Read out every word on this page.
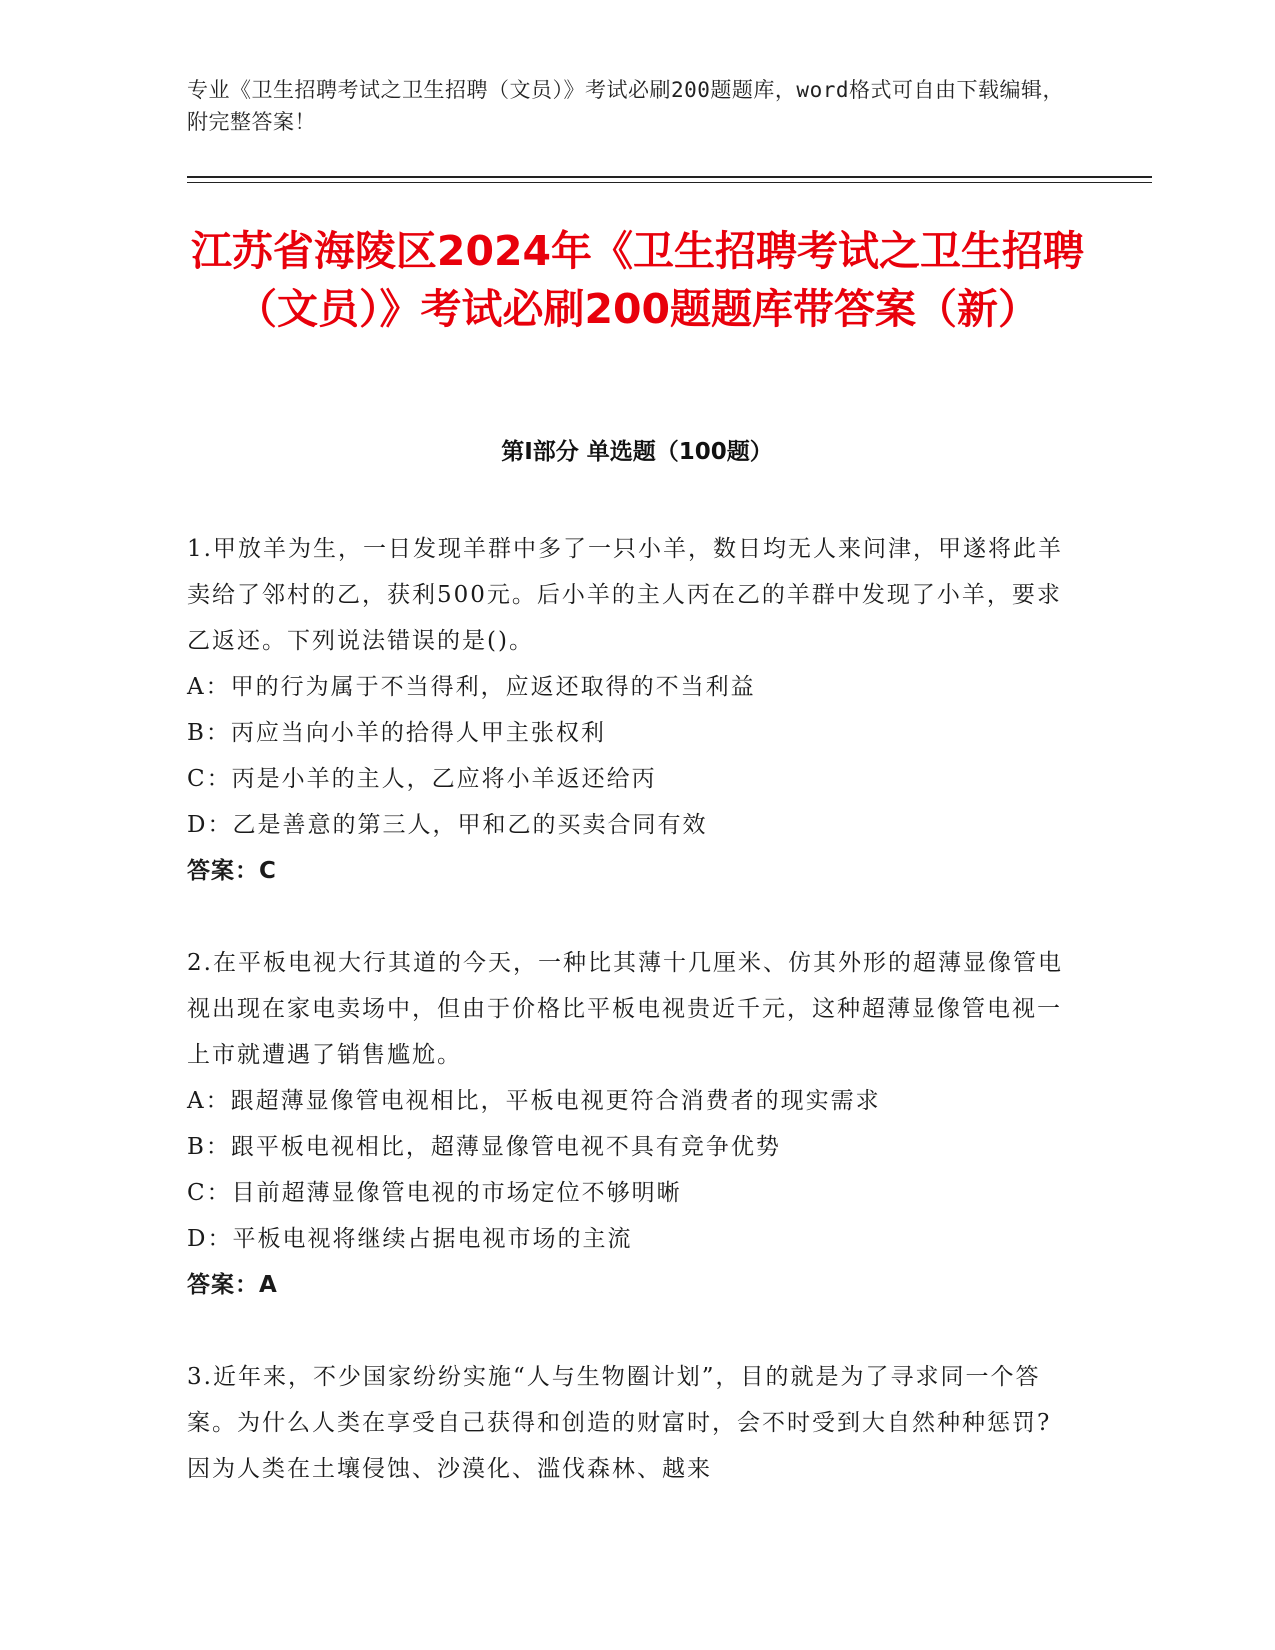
专业《卫生招聘考试之卫生招聘（文员）》考试必刷200题题库，word格式可自由下载编辑，附完整答案！
江苏省海陵区2024年《卫生招聘考试之卫生招聘（文员）》考试必刷200题题库带答案（新）
第Ⅰ部分 单选题（100题）

1.甲放羊为生，一日发现羊群中多了一只小羊，数日均无人来问津，甲遂将此羊卖给了邻村的乙，获利500元。后小羊的主人丙在乙的羊群中发现了小羊，要求乙返还。下列说法错误的是()。

A：甲的行为属于不当得利，应返还取得的不当利益

B：丙应当向小羊的拾得人甲主张权利

C：丙是小羊的主人，乙应将小羊返还给丙

D：乙是善意的第三人，甲和乙的买卖合同有效

答案：C

2.在平板电视大行其道的今天，一种比其薄十几厘米、仿其外形的超薄显像管电视出现在家电卖场中，但由于价格比平板电视贵近千元，这种超薄显像管电视一上市就遭遇了销售尴尬。

A：跟超薄显像管电视相比，平板电视更符合消费者的现实需求

B：跟平板电视相比，超薄显像管电视不具有竞争优势

C：目前超薄显像管电视的市场定位不够明晰

D：平板电视将继续占据电视市场的主流

答案：A

3.近年来，不少国家纷纷实施“人与生物圈计划”，目的就是为了寻求同一个答案。为什么人类在享受自己获得和创造的财富时，会不时受到大自然种种惩罚?因为人类在土壤侵蚀、沙漠化、滥伐森林、越来
